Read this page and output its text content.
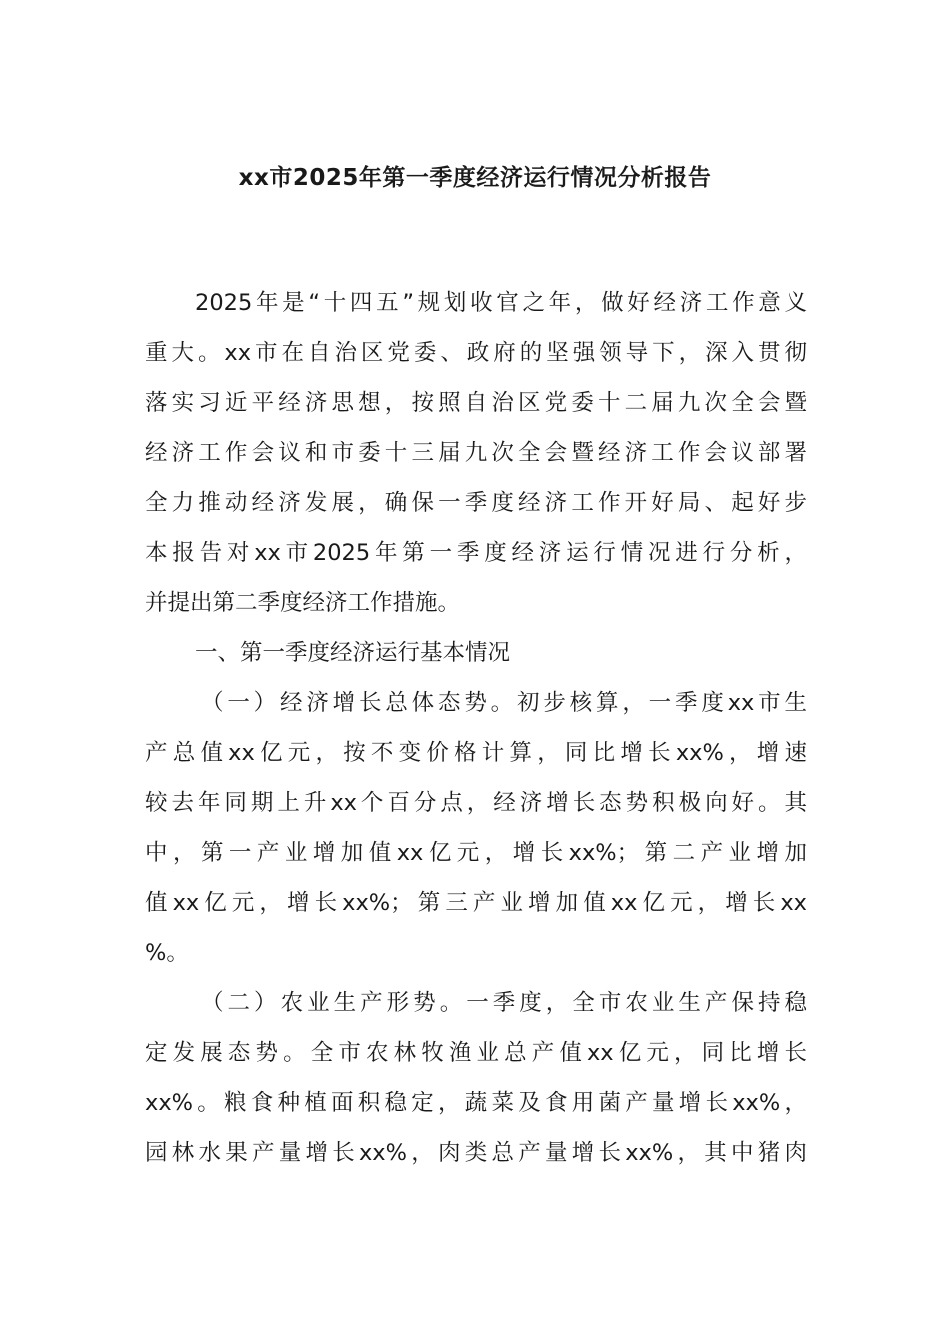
xx市2025年第一季度经济运行情况分析报告
2025年是“十四五”规划收官之年，做好经济工作意义
重大。xx市在自治区党委、政府的坚强领导下，深入贯彻
落实习近平经济思想，按照自治区党委十二届九次全会暨
经济工作会议和市委十三届九次全会暨经济工作会议部署
全力推动经济发展，确保一季度经济工作开好局、起好步
本报告对xx市2025年第一季度经济运行情况进行分析，
并提出第二季度经济工作措施。
一、第一季度经济运行基本情况
（一）经济增长总体态势。初步核算，一季度xx市生
产总值xx亿元，按不变价格计算，同比增长xx%，增速
较去年同期上升xx个百分点，经济增长态势积极向好。其
中，第一产业增加值xx亿元，增长xx%；第二产业增加
值xx亿元，增长xx%；第三产业增加值xx亿元，增长xx
%。
（二）农业生产形势。一季度，全市农业生产保持稳
定发展态势。全市农林牧渔业总产值xx亿元，同比增长
xx%。粮食种植面积稳定，蔬菜及食用菌产量增长xx%，
园林水果产量增长xx%，肉类总产量增长xx%，其中猪肉
